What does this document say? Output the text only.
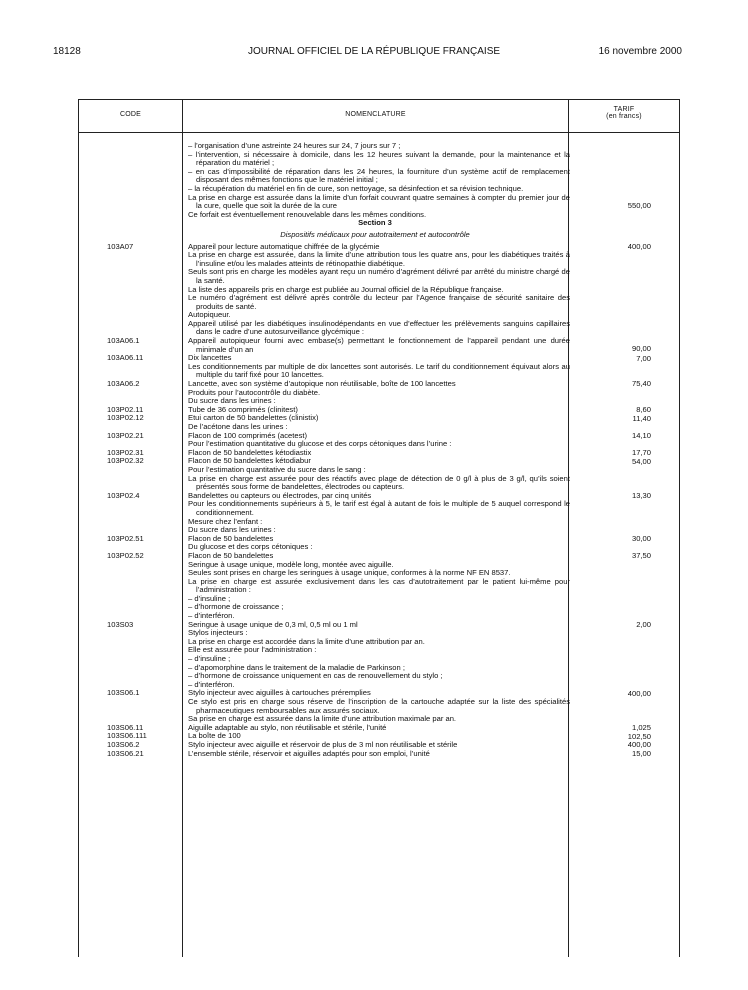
18128	JOURNAL OFFICIEL DE LA RÉPUBLIQUE FRANÇAISE	16 novembre 2000
CODE	NOMENCLATURE
TARIF
(en francs)
– l’organisation d’une astreinte 24 heures sur 24, 7 jours sur 7 ;
– l’intervention, si nécessaire à domicile, dans les 12 heures suivant la demande, pour la maintenance et la réparation du matériel ;
– en cas d’impossibilité de réparation dans les 24 heures, la fourniture d’un système actif de remplacement disposant des mêmes fonctions que le matériel initial ;
– la récupération du matériel en fin de cure, son nettoyage, sa désinfection et sa révision technique.
La prise en charge est assurée dans la limite d’un forfait couvrant quatre semaines à compter du premier jour de la cure, quelle que soit la durée de la cure	550,00
Ce forfait est éventuellement renouvelable dans les mêmes conditions.
Section 3
Dispositifs médicaux pour autotraitement et autocontrôle
103A07	Appareil pour lecture automatique chiffrée de la glycémie	400,00
La prise en charge est assurée, dans la limite d’une attribution tous les quatre ans, pour les diabétiques traités à l’insuline et/ou les malades atteints de rétinopathie diabétique.
Seuls sont pris en charge les modèles ayant reçu un numéro d’agrément délivré par arrêté du ministre chargé de la santé.
La liste des appareils pris en charge est publiée au Journal officiel de la République française.
Le numéro d’agrément est délivré après contrôle du lecteur par l’Agence française de sécurité sanitaire des produits de santé.
Autopiqueur.
Appareil utilisé par les diabétiques insulinodépendants en vue d’effectuer les prélèvements sanguins capillaires dans le cadre d’une autosurveillance glycémique :
103A06.1	Appareil autopiqueur fourni avec embase(s) permettant le fonctionnement de l’appareil pendant une durée minimale d’un an	90,00
103A06.11	Dix lancettes	7,00
Les conditionnements par multiple de dix lancettes sont autorisés. Le tarif du conditionnement équivaut alors au multiple du tarif fixé pour 10 lancettes.
103A06.2	Lancette, avec son système d’autopique non réutilisable, boîte de 100 lancettes	75,40
Produits pour l’autocontrôle du diabète.
Du sucre dans les urines :
103P02.11	Tube de 36 comprimés (clinitest)	8,60
103P02.12	Etui carton de 50 bandelettes (clinistix)	11,40
De l’acétone dans les urines :
103P02.21	Flacon de 100 comprimés (acetest)	14,10
Pour l’estimation quantitative du glucose et des corps cétoniques dans l’urine :
103P02.31	Flacon de 50 bandelettes kétodiastix	17,70
103P02.32	Flacon de 50 bandelettes kétodiabur	54,00
Pour l’estimation quantitative du sucre dans le sang :
La prise en charge est assurée pour des réactifs avec plage de détection de 0 g/l à plus de 3 g/l, qu’ils soient présentés sous forme de bandelettes, électrodes ou capteurs.
103P02.4	Bandelettes ou capteurs ou électrodes, par cinq unités	13,30
Pour les conditionnements supérieurs à 5, le tarif est égal à autant de fois le multiple de 5 auquel correspond le conditionnement.
Mesure chez l’enfant :
Du sucre dans les urines :
103P02.51	Flacon de 50 bandelettes	30,00
Du glucose et des corps cétoniques :
103P02.52	Flacon de 50 bandelettes	37,50
Seringue à usage unique, modèle long, montée avec aiguille.
Seules sont prises en charge les seringues à usage unique, conformes à la norme NF EN 8537.
La prise en charge est assurée exclusivement dans les cas d’autotraitement par le patient lui-même pour l’administration :
– d’insuline ;
– d’hormone de croissance ;
– d’interféron.
103S03	Seringue à usage unique de 0,3 ml, 0,5 ml ou 1 ml	2,00
Stylos injecteurs :
La prise en charge est accordée dans la limite d’une attribution par an.
Elle est assurée pour l’administration :
– d’insuline ;
– d’apomorphine dans le traitement de la maladie de Parkinson ;
– d’hormone de croissance uniquement en cas de renouvellement du stylo ;
– d’interféron.
103S06.1	Stylo injecteur avec aiguilles à cartouches préremplies	400,00
Ce stylo est pris en charge sous réserve de l’inscription de la cartouche adaptée sur la liste des spécialités pharmaceutiques remboursables aux assurés sociaux.
Sa prise en charge est assurée dans la limite d’une attribution maximale par an.
103S06.11	Aiguille adaptable au stylo, non réutilisable et stérile, l’unité	1,025
103S06.111	La boîte de 100	102,50
103S06.2	Stylo injecteur avec aiguille et réservoir de plus de 3 ml non réutilisable et stérile	400,00
103S06.21	L’ensemble stérile, réservoir et aiguilles adaptés pour son emploi, l’unité	15,00
